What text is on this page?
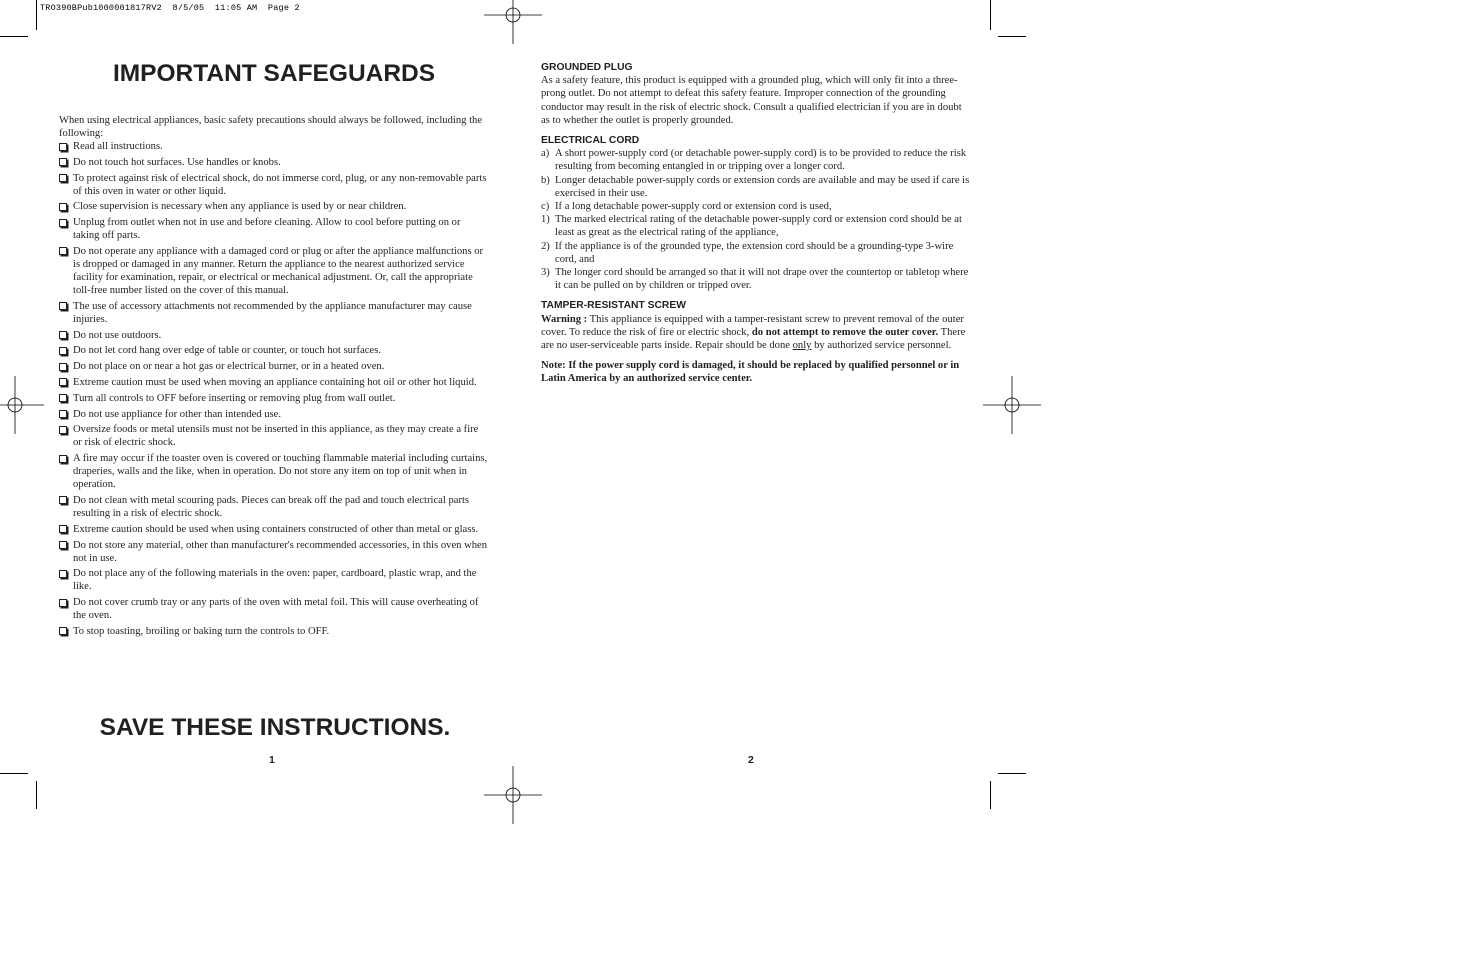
TRO390BPub1000001817RV2  8/5/05  11:05 AM  Page 2
IMPORTANT SAFEGUARDS

When using electrical appliances, basic safety precautions should always be followed, including the following:

Read all instructions.
Do not touch hot surfaces. Use handles or knobs.
To protect against risk of electrical shock, do not immerse cord, plug, or any non-removable parts of this oven in water or other liquid.
Close supervision is necessary when any appliance is used by or near children.
Unplug from outlet when not in use and before cleaning. Allow to cool before putting on or taking off parts.
Do not operate any appliance with a damaged cord or plug or after the appliance malfunctions or is dropped or damaged in any manner. Return the appliance to the nearest authorized service facility for examination, repair, or electrical or mechanical adjustment. Or, call the appropriate toll-free number listed on the cover of this manual.
The use of accessory attachments not recommended by the appliance manufacturer may cause injuries.
Do not use outdoors.
Do not let cord hang over edge of table or counter, or touch hot surfaces.
Do not place on or near a hot gas or electrical burner, or in a heated oven.
Extreme caution must be used when moving an appliance containing hot oil or other hot liquid.
Turn all controls to OFF before inserting or removing plug from wall outlet.
Do not use appliance for other than intended use.
Oversize foods or metal utensils must not be inserted in this appliance, as they may create a fire or risk of electric shock.
A fire may occur if the toaster oven is covered or touching flammable material including curtains, draperies, walls and the like, when in operation. Do not store any item on top of unit when in operation.
Do not clean with metal scouring pads. Pieces can break off the pad and touch electrical parts resulting in a risk of electric shock.
Extreme caution should be used when using containers constructed of other than metal or glass.
Do not store any material, other than manufacturer's recommended accessories, in this oven when not in use.
Do not place any of the following materials in the oven: paper, cardboard, plastic wrap, and the like.
Do not cover crumb tray or any parts of the oven with metal foil. This will cause overheating of the oven.
To stop toasting, broiling or baking turn the controls to OFF.
SAVE THESE INSTRUCTIONS.
1

GROUNDED PLUG

As a safety feature, this product is equipped with a grounded plug, which will only fit into a three-prong outlet. Do not attempt to defeat this safety feature. Improper connection of the grounding conductor may result in the risk of electric shock. Consult a qualified electrician if you are in doubt as to whether the outlet is properly grounded.

ELECTRICAL CORD

a) A short power-supply cord (or detachable power-supply cord) is to be provided to reduce the risk resulting from becoming entangled in or tripping over a longer cord.
b) Longer detachable power-supply cords or extension cords are available and may be used if care is exercised in their use.
c) If a long detachable power-supply cord or extension cord is used,
1) The marked electrical rating of the detachable power-supply cord or extension cord should be at least as great as the electrical rating of the appliance,
2) If the appliance is of the grounded type, the extension cord should be a grounding-type 3-wire cord, and
3) The longer cord should be arranged so that it will not drape over the countertop or tabletop where it can be pulled on by children or tripped over.

TAMPER-RESISTANT SCREW

Warning : This appliance is equipped with a tamper-resistant screw to prevent removal of the outer cover. To reduce the risk of fire or electric shock, do not attempt to remove the outer cover. There are no user-serviceable parts inside. Repair should be done only by authorized service personnel.

Note: If the power supply cord is damaged, it should be replaced by qualified personnel or in Latin America by an authorized service center.

2
